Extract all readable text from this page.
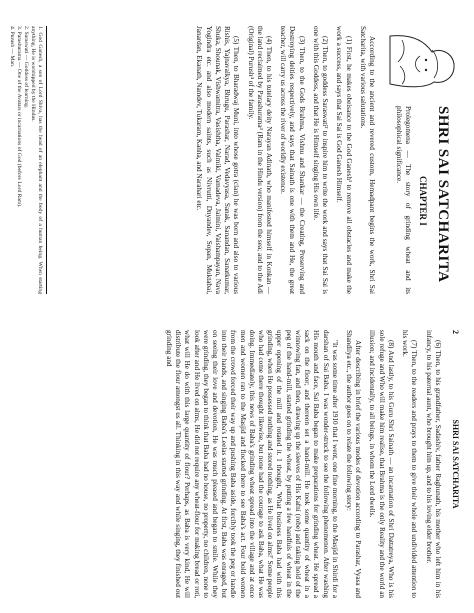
SHRI SAI SATCHARITA
CHAPTER I
Prolegomena — The story of grinding wheat and its philosophical significance.

According to the ancient and revered custom, Hemadpant begins the work, Shri Sai Satcharita, with various salutations.

(1) First, he makes obeisance to the God Ganesh¹ to remove all obstacles and make the work a success, and says that Sai Sai is God Ganesh Himself.

(2) Then, to goddess Saraswati² to inspire him to write the work and says that Sai Sai is one with this Goddess, and that He is Himself singing His own life.

(3) Then, to the Gods Brahma, Vishnu and Shankar — the Creating, Preserving and Destroying deities respectively, and says that Sainath is one with them and He, the great teacher, will carry us across the river of worldly existence.

(4) Then, to his tutelary deity Narayan Adinath, who manifested himself in Konkan — the land reclaimed by Parashurama³ (Ram in the Hindu version) from the sea; and to the Adi (Original) Purush⁴ of the family.

(5) Then, to Bharadwaj Muni, into whose gotra (clan) he was born and also to various Rishis, Yajnavalkya, Bhrugu, Parashar, Narad, Vedavyasa, Sanak, Sanandan, Sanatkumar, Shuka, Shounak, Vishwamitra, Vasishtha, Valmiki, Vamadeva, Jaimini, Vaishampayan, Nava Yogindra etc. and also modern saints, such as Nivrutti, Dnyandev, Sopan, Muktabai, Janardan, Ekanath, Namdev, Tukaram, Kanha, and Narahari etc.

1. God Ganesh, a son of Lord Shiva, has the head of an elephant and the body of a human being. When starting anything, He is worshipped by the Hindus.
2. Saraswati — Goddess of learning.
3. Parashurama — One of the Avatars or incarnations of God (before Lord Ram).
4. Purush — Man.
2
SHRI SAI SATCHARITA

(6) Then, to his grandfather, Sadashiv, father Raghunath, his mother who left him in his infancy, to his paternal aunt, who brought him up, and to his loving elder brother.

(7) Then, to the readers and prays to them to give their whole and undivided attention to his work.

(8) And lastly, to his Guru Shri Sainath — an incarnation of Shri Dattatreya, Who is his sole refuge and Who will make him realise, that Brahma is the only Reality and the world an illusion; and incidentally, to all beings, in whom the Lord dwells.

After describing in brief the various modes of devotion according to Parashar, Vyasa and Shandilya etc., the author goes on to relate the following story:

"It was some time after 1910 that I went, one fine morning, to the Masjid in Shirdi for a darshan of Sai Baba. I was wonder-struck to see the following phenomenon. After washing His mouth and face, Sai Baba began to make preparations for grinding wheat. He spread a sack on the floor; and thereon set a hand-mill. He took some quantity of wheat in a winnowing fan, and then, drawing up the sleeves of His Kafni (robe) and taking hold of the peg of the hand-mill, started grinding the wheat, by putting a few handfuls of wheat in the upper opening of the mill and rotated it. I thought, 'What business Baba had with this grinding, when He possessed nothing and stored nothing, as He lived on alms!' Some people who had come there thought likewise, but none had the courage to ask Baba, what He was doing. Immediately, this news of Baba's grinding wheat spread into the village and at once men and women ran to the Masjid and flocked there to see Baba's act. Four bold women from the crowd forced their way up and pushing Baba aside, forcibly took the peg or handle into their hands, and singing Baba's Leelas started grinding. At first, Baba was enraged, but on seeing their love and devotion, He was much pleased and began to smile. While they were grinding, they began to think that Baba had no house, no property, no children, none to look after and He lived on alms, He did not require any wheat-flour for making bread or roti, what will He do with this large quantity of flour? Perhaps, as Baba is very kind, He will distribute the flour amongst us all. Thinking in this way and while singing, they finished out grinding and
